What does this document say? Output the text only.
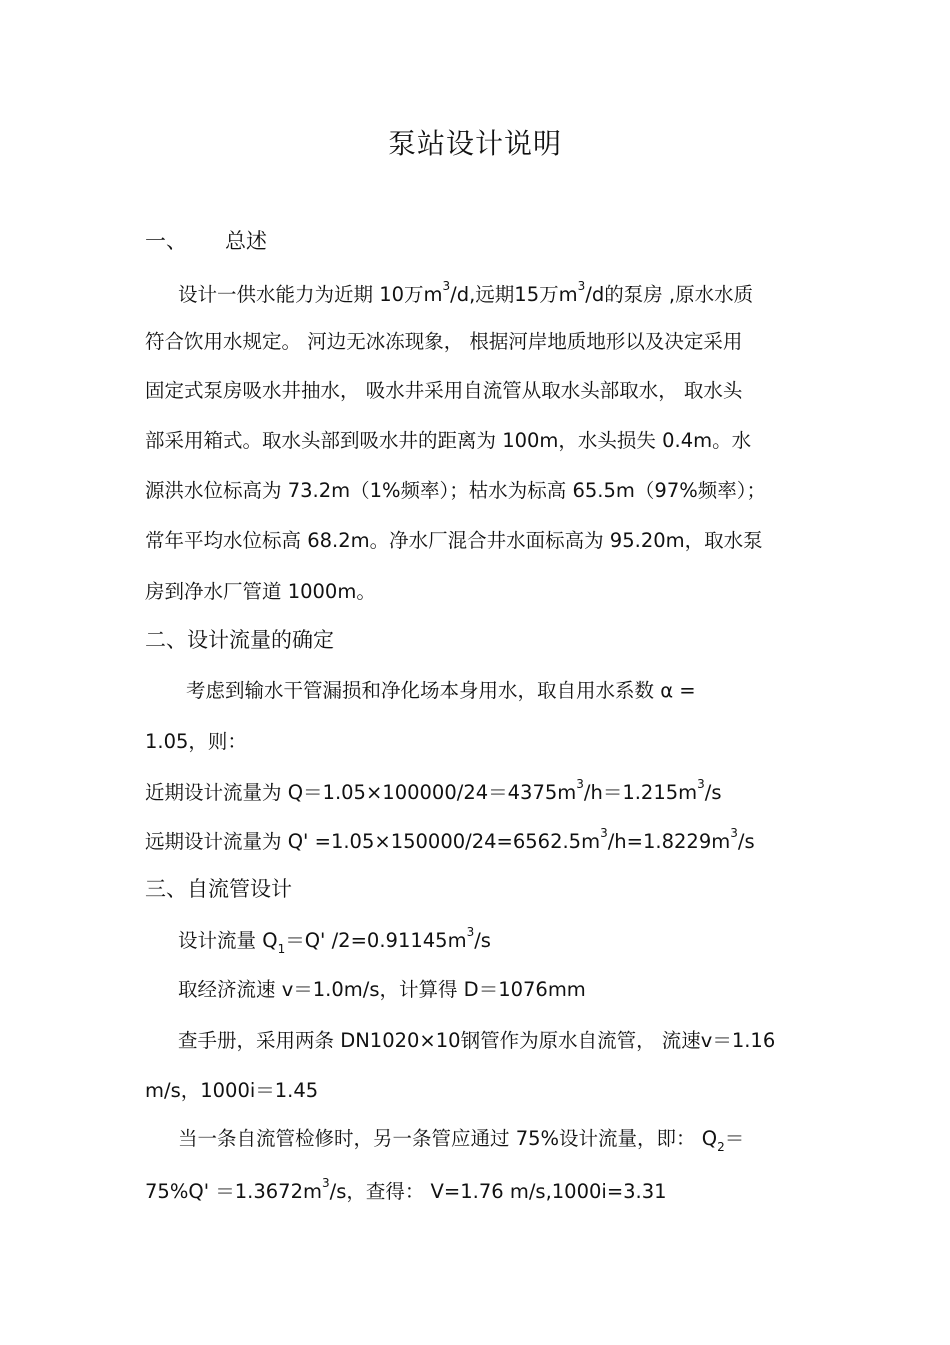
泵站设计说明
一、 总述
设计一供水能力为近期 10万$m^3/d$,远期15万$m^3/d$的泵房 ,原水水质
符合饮用水规定。 河边无冰冻现象， 根据河岸地质地形以及决定采用
固定式泵房吸水井抽水， 吸水井采用自流管从取水头部取水， 取水头
部采用箱式。取水头部到吸水井的距离为 100m，水头损失 0.4m。水
源洪水位标高为 73.2m（1%频率）；枯水为标高 65.5m（97%频率）；
常年平均水位标高 68.2m。净水厂混合井水面标高为 95.20m，取水泵
房到净水厂管道 1000m。
二、设计流量的确定
考虑到输水干管漏损和净化场本身用水，取自用水系数 α =
1.05，则：
近期设计流量为 $Q=1.05\times 100000/24=4375m^3/h=1.215m^3/s$
远期设计流量为 $Q' =1.05\times 150000/24=6562.5m^3/h=1.8229m^3/s$
三、自流管设计
设计流量 $Q_1=Q'$ $/2=0.91145m^3/s$
取经济流速 v＝1.0m/s，计算得 D＝1076mm
查手册，采用两条 DN1020×10钢管作为原水自流管， 流速v＝1.16
m/s，1000i＝1.45
当一条自流管检修时，另一条管应通过 75%设计流量，即： $Q_2=$
$75\%Q' =1.3672m^3/s$，查得： V=1.76 m/s,1000i=3.31
